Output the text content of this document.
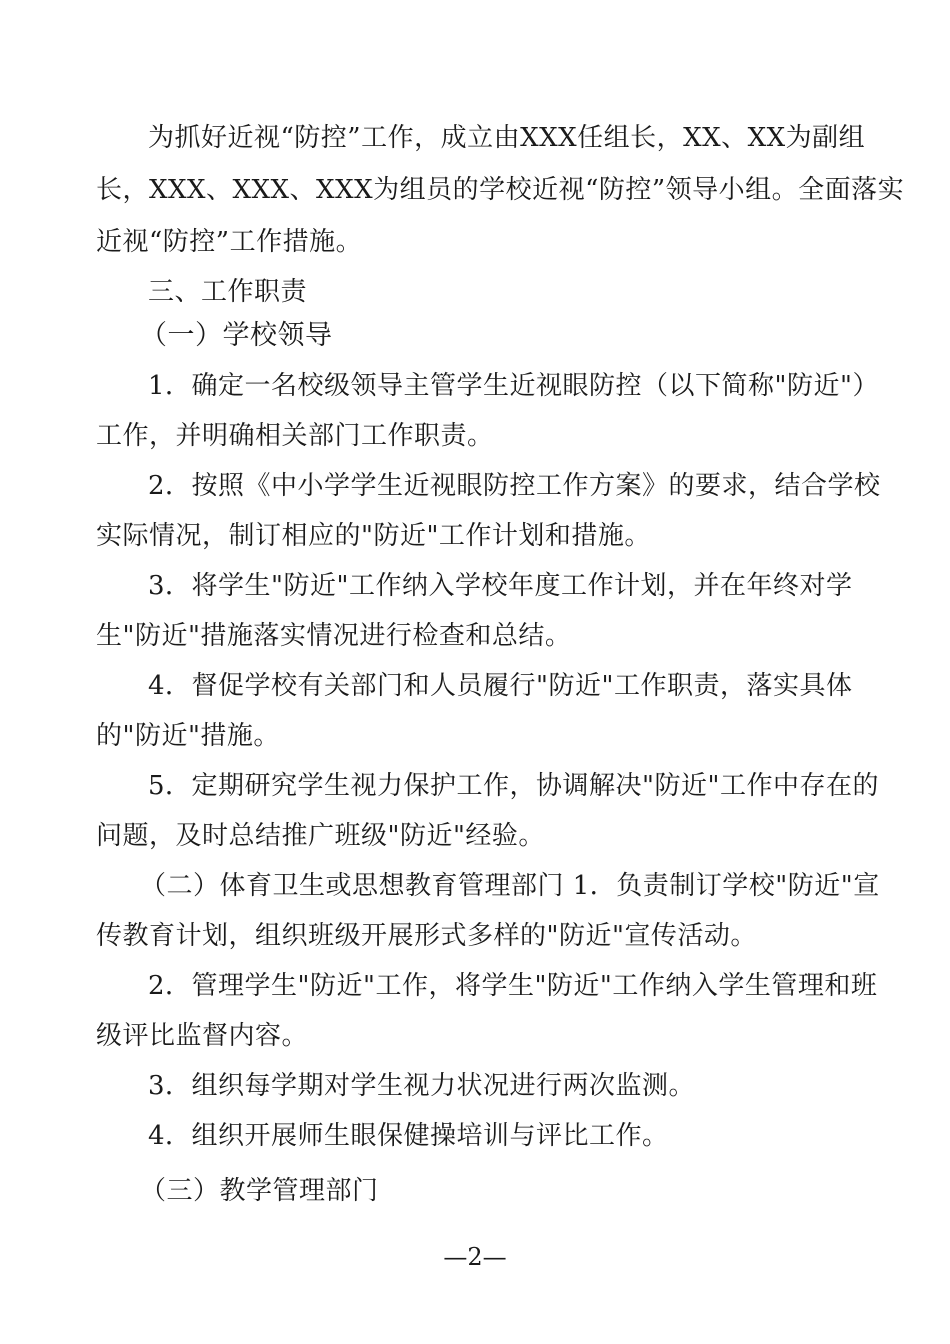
为抓好近视“防控”工作，成立由XXX任组长，XX、XX为副组
长，XXX、XXX、XXX为组员的学校近视“防控”领导小组。全面落实
近视“防控”工作措施。
三、工作职责
（一）学校领导
1．确定一名校级领导主管学生近视眼防控（以下简称"防近"）
工作，并明确相关部门工作职责。
2．按照《中小学学生近视眼防控工作方案》的要求，结合学校
实际情况，制订相应的"防近"工作计划和措施。
3．将学生"防近"工作纳入学校年度工作计划，并在年终对学
生"防近"措施落实情况进行检查和总结。
4．督促学校有关部门和人员履行"防近"工作职责，落实具体
的"防近"措施。
5．定期研究学生视力保护工作，协调解决"防近"工作中存在的
问题，及时总结推广班级"防近"经验。
（二）体育卫生或思想教育管理部门 1．负责制订学校"防近"宣
传教育计划，组织班级开展形式多样的"防近"宣传活动。
2．管理学生"防近"工作，将学生"防近"工作纳入学生管理和班
级评比监督内容。
3．组织每学期对学生视力状况进行两次监测。
4．组织开展师生眼保健操培训与评比工作。
（三）教学管理部门
—2—
